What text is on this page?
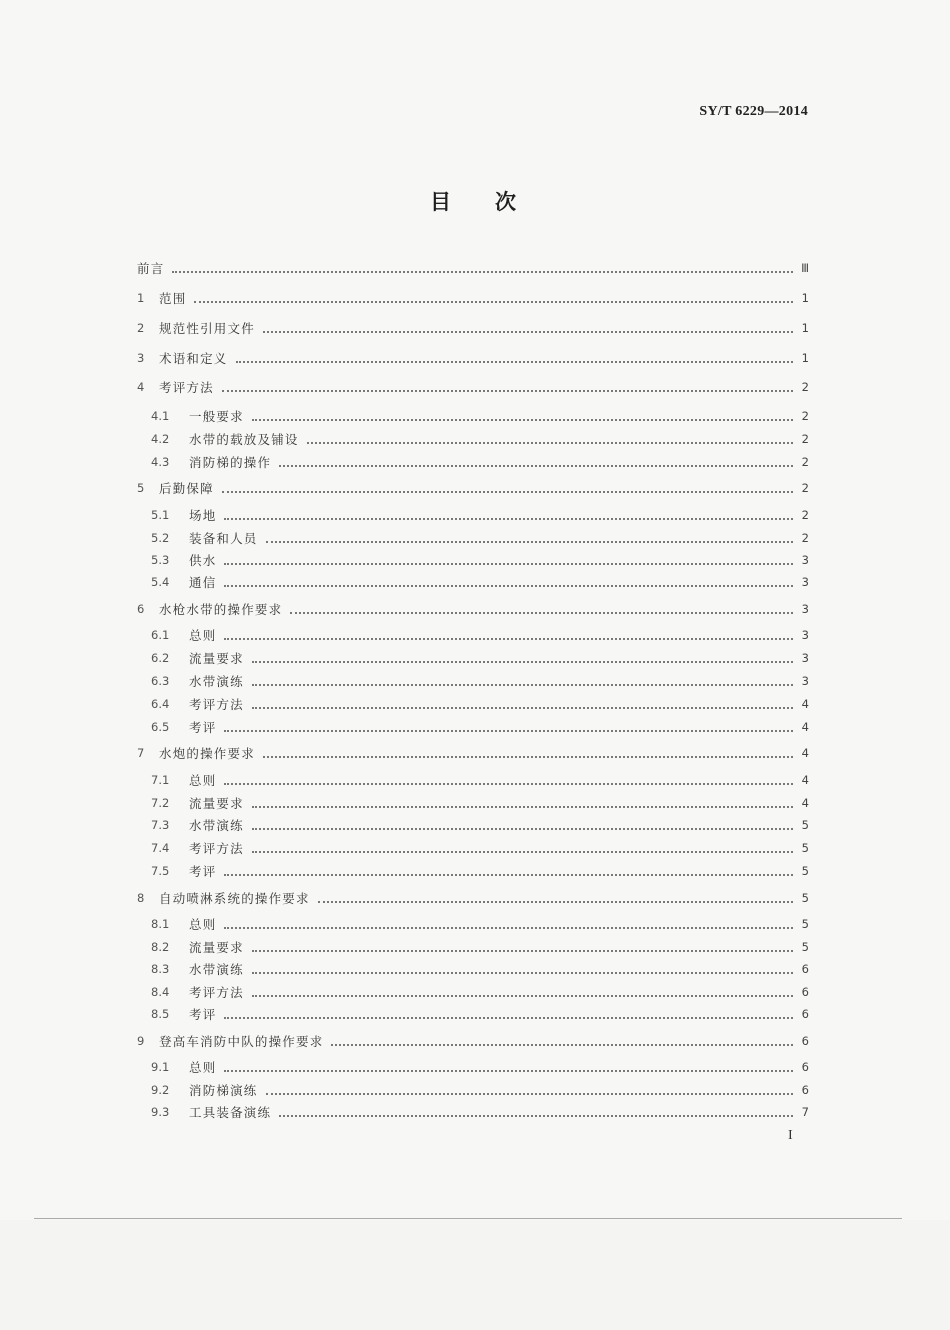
SY/T 6229—2014
目次
前言	Ⅲ
1	范围	1
2	规范性引用文件	1
3	术语和定义	1
4	考评方法	2
4.1	一般要求	2
4.2	水带的载放及铺设	2
4.3	消防梯的操作	2
5	后勤保障	2
5.1	场地	2
5.2	装备和人员	2
5.3	供水	3
5.4	通信	3
6	水枪水带的操作要求	3
6.1	总则	3
6.2	流量要求	3
6.3	水带演练	3
6.4	考评方法	4
6.5	考评	4
7	水炮的操作要求	4
7.1	总则	4
7.2	流量要求	4
7.3	水带演练	5
7.4	考评方法	5
7.5	考评	5
8	自动喷淋系统的操作要求	5
8.1	总则	5
8.2	流量要求	5
8.3	水带演练	6
8.4	考评方法	6
8.5	考评	6
9	登高车消防中队的操作要求	6
9.1	总则	6
9.2	消防梯演练	6
9.3	工具装备演练	7
I
